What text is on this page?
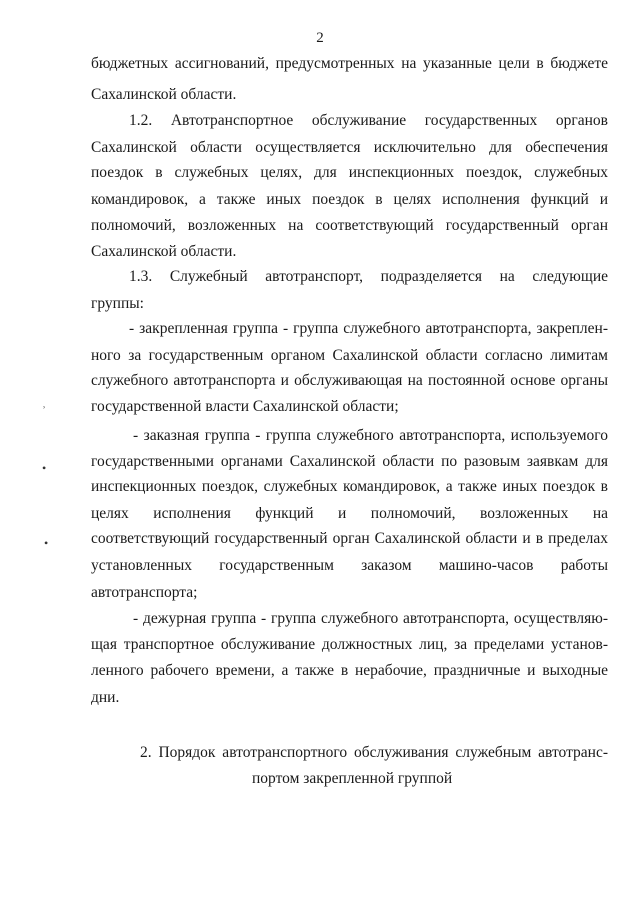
2
бюджетных ассигнований, предусмотренных на указанные цели в бюджете
Сахалинской области.
1.2. Автотранспортное обслуживание государственных органов
Сахалинской области осуществляется исключительно для обеспечения
поездок в служебных целях, для инспекционных поездок, служебных
командировок, а также иных поездок в целях исполнения функций и
полномочий, возложенных на соответствующий государственный орган
Сахалинской области.
1.3. Служебный автотранспорт, подразделяется на следующие
группы:
- закрепленная группа - группа служебного автотранспорта, закреплен-
ного за государственным органом Сахалинской области согласно лимитам
служебного автотранспорта и обслуживающая на постоянной основе органы
государственной власти Сахалинской области;
- заказная группа - группа служебного автотранспорта, используемого
государственными органами Сахалинской области по разовым заявкам для
инспекционных поездок, служебных командировок, а также иных поездок в
целях исполнения функций и полномочий, возложенных на
соответствующий государственный орган Сахалинской области и в пределах
установленных государственным заказом машино-часов работы
автотранспорта;
- дежурная группа - группа служебного автотранспорта, осуществляю-
щая транспортное обслуживание должностных лиц, за пределами установ-
ленного рабочего времени, а также в нерабочие, праздничные и выходные
дни.
2. Порядок автотранспортного обслуживания служебным автотранс-
портом закрепленной группой
˒
•
•
